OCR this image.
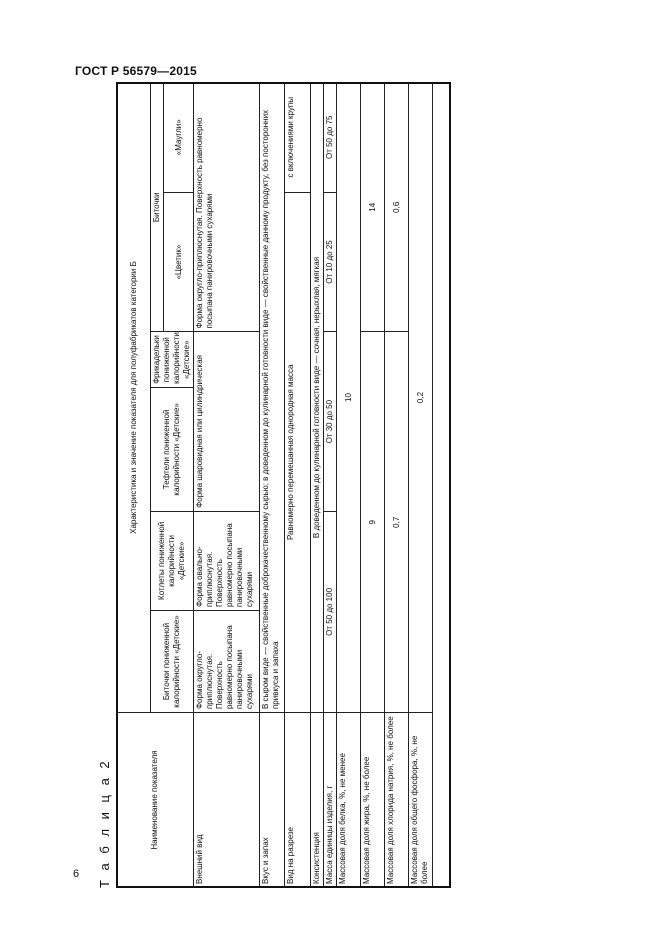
ГОСТ Р 56579—2015
6 Т а б л и ц а 2	Наименование показателя	Характеристика и значение показателя для полуфабрикатов категории Б					
	Биточки пониженной калорийности «Детские»	Котлеты пониженной калорийности «Детские»	Тефтели пониженной калорийности «Детские»	Фрикадельки пониженной калорийности «Детские»	Биточки	
					«Цветик»	«Маугли»
Внешний вид	Форма округло-приплюснутая. Поверхность равномерно посыпана панировочными сухарями	Форма овально-приплюснутая. Поверхность равномерно посыпана панировочными сухарями	Форма шаровидная или цилиндрическая		Форма округло-приплюснутая. Поверхность равномерно посыпана панировочными сухарями	
Вкус и запах	В сыром виде — свойственные доброкачественному сырью; в доведенном до кулинарной готовности виде — свойственные данному продукту, без посторонних привкуса и запаха					
Вид на разрезе	Равномерно перемешанная однородная масса					с включениями крупы
Консистенция	В доведенном до кулинарной готовности виде — сочная, нерыхлая, мягкая					
Масса единицы изделия, г	От 50 до 100		От 30 до 50		От 10 до 25	От 50 до 75
Массовая доля белка, %, не менее	10					
Массовая доля жира, %, не более	9				14	
Массовая доля хлорида натрия, %, не более	0,7				0,6	
Массовая доля общего фосфора, %, не более	0,2					
